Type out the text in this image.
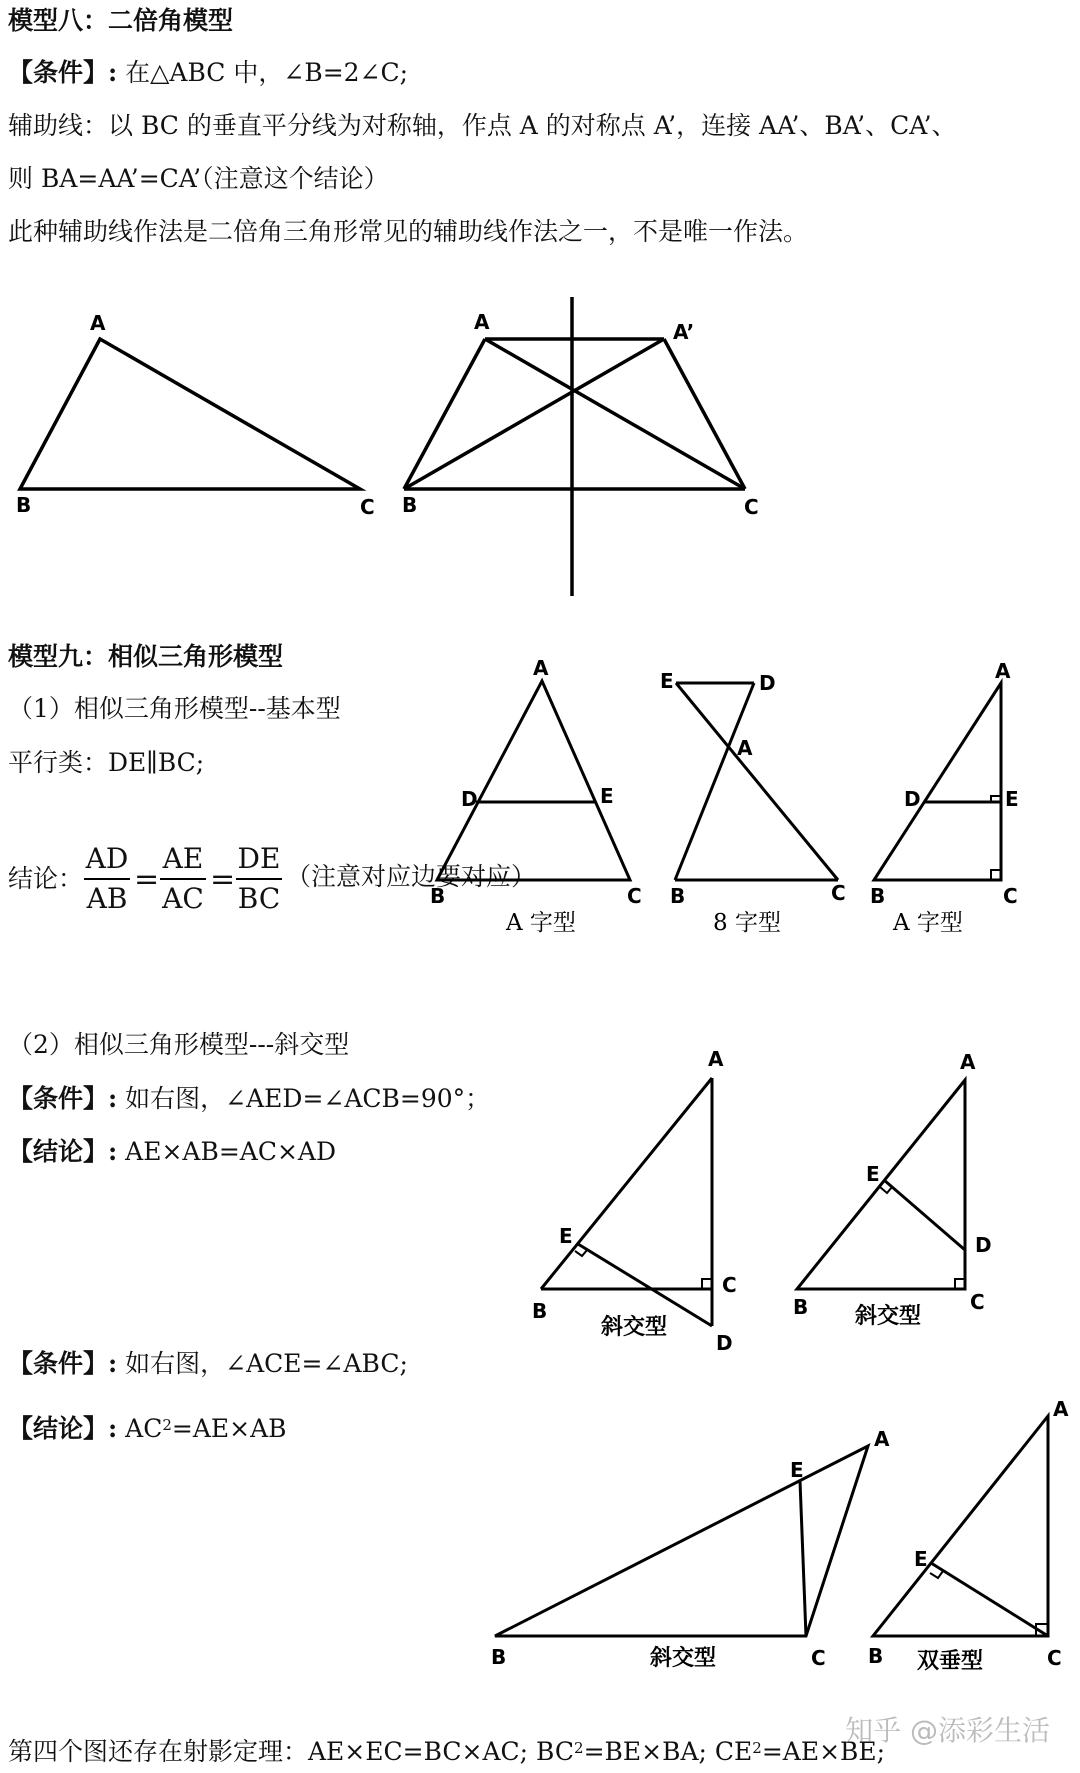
模型八：二倍角模型
【条件】: 在△ABC 中，∠B=2∠C;
辅助线：以 BC 的垂直平分线为对称轴，作点 A 的对称点 A’，连接 AA’、BA’、CA’、
则 BA=AA’=CA’（注意这个结论）
此种辅助线作法是二倍角三角形常见的辅助线作法之一，不是唯一作法。
模型九：相似三角形模型
（1）相似三角形模型--基本型
平行类：DE∥BC;
结论：
AD
AB
=
AE
AC
=
DE
BC
（注意对应边要对应）
（2）相似三角形模型---斜交型
【条件】: 如右图，∠AED=∠ACB=90°；
【结论】: AE×AB=AC×AD
【条件】: 如右图，∠ACE=∠ABC;
【结论】: $AC^2=AE\times AB$
第四个图还存在射影定理：AE×EC=BC×AC; $BC^2=BE\times BA$; $CE^2=AE\times BE$;
知乎 @添彩生活
A
B	C
A	A’
B	C
A
D	E
B	C
A 字型
E	D
A
B	C
8 字型
A
D	E
B	C
A 字型
A
E
C
B
D
斜交型
A
E
D
B	C
斜交型
A
E
B	C
斜交型
A
E
B	C
双垂型
